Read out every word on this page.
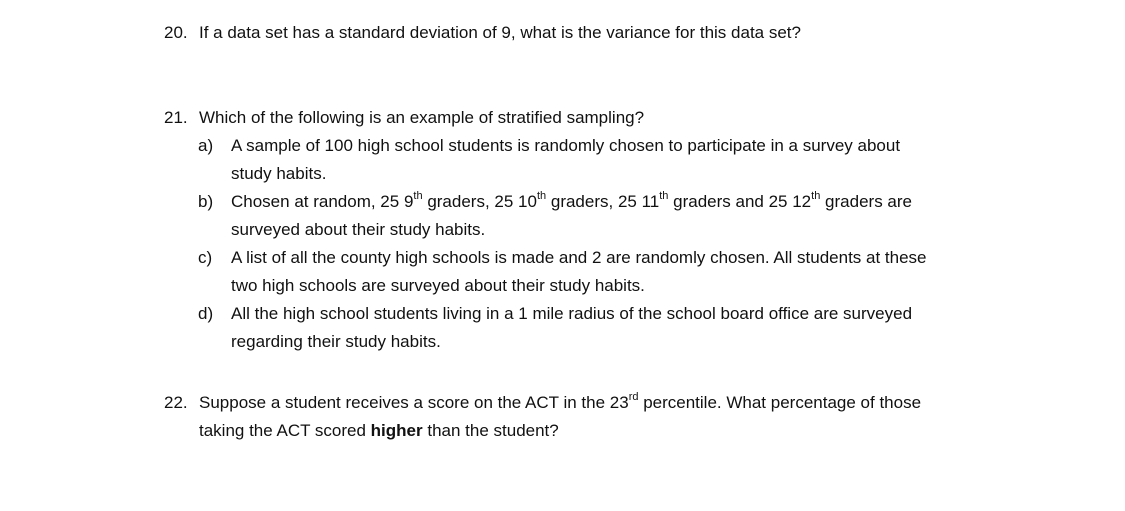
20. If a data set has a standard deviation of 9, what is the variance for this data set?
21. Which of the following is an example of stratified sampling?
a)	A sample of 100 high school students is randomly chosen to participate in a survey about
study habits.
b)	Chosen at random, 25 9th graders, 25 10th graders, 25 11th graders and 25 12th graders are
surveyed about their study habits.
c)	A list of all the county high schools is made and 2 are randomly chosen. All students at these
two high schools are surveyed about their study habits.
d)	All the high school students living in a 1 mile radius of the school board office are surveyed
regarding their study habits.
22. Suppose a student receives a score on the ACT in the 23rd percentile. What percentage of those
taking the ACT scored higher than the student?
